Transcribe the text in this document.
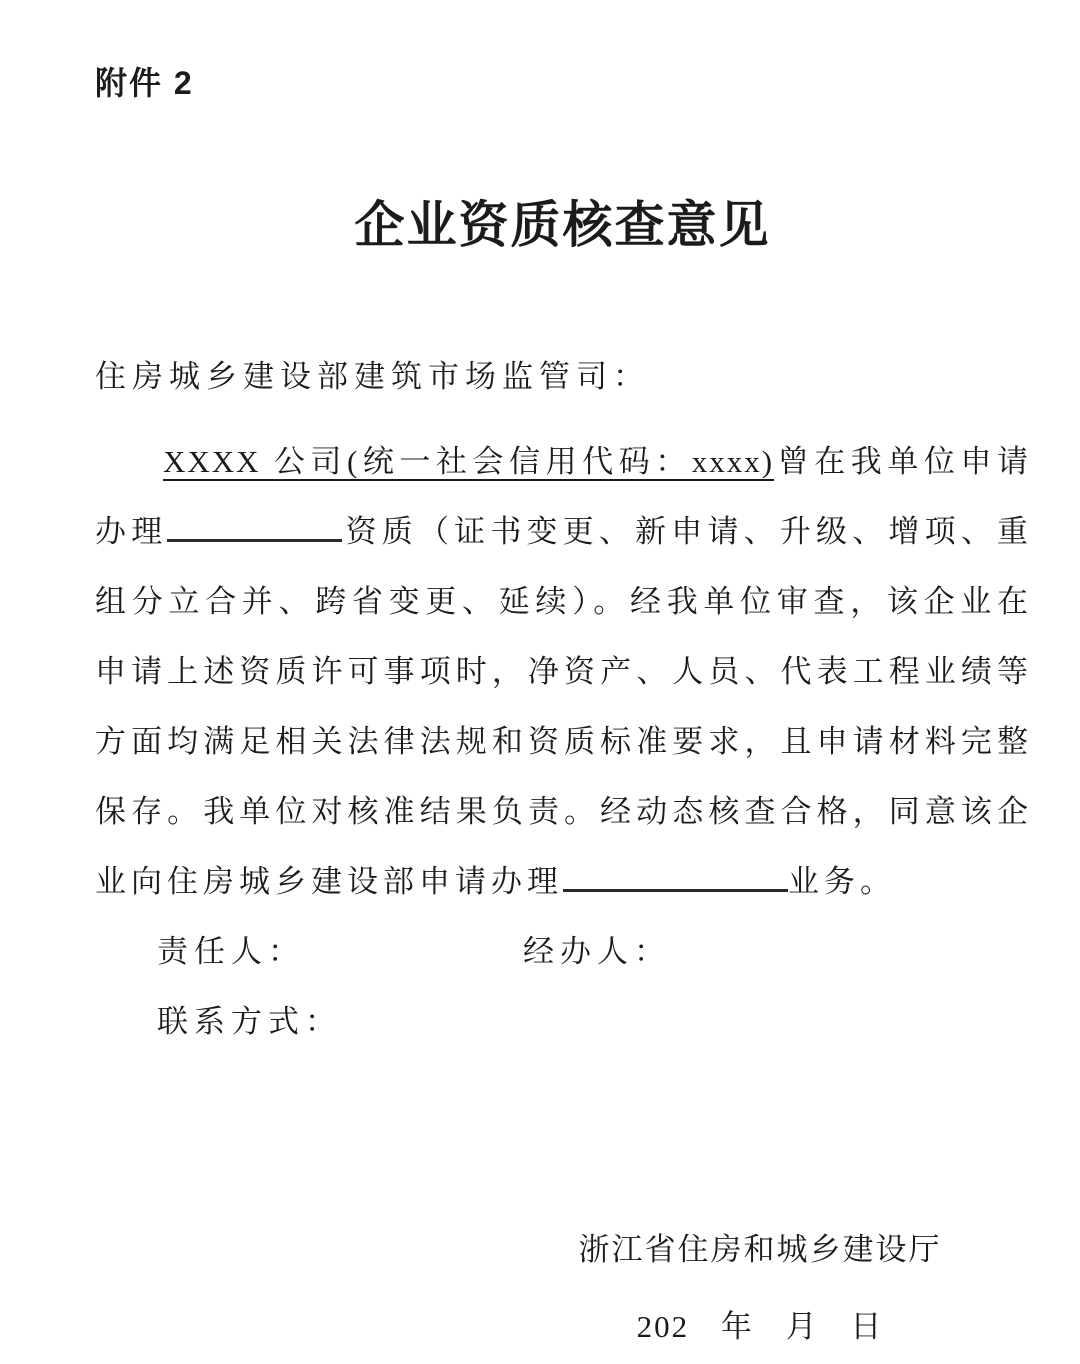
附件 2
企业资质核查意见
住房城乡建设部建筑市场监管司：
XXXX 公司(统一社会信用代码：xxxx)曾在我单位申请
办理	资质（证书变更、新申请、升级、增项、重
组分立合并、跨省变更、延续）。经我单位审查，该企业在
申请上述资质许可事项时，净资产、人员、代表工程业绩等
方面均满足相关法律法规和资质标准要求，且申请材料完整
保存。我单位对核准结果负责。经动态核查合格，同意该企
业向住房城乡建设部申请办理	业务。
责任人：	经办人：
联系方式：
浙江省住房和城乡建设厅
202 年 月 日
